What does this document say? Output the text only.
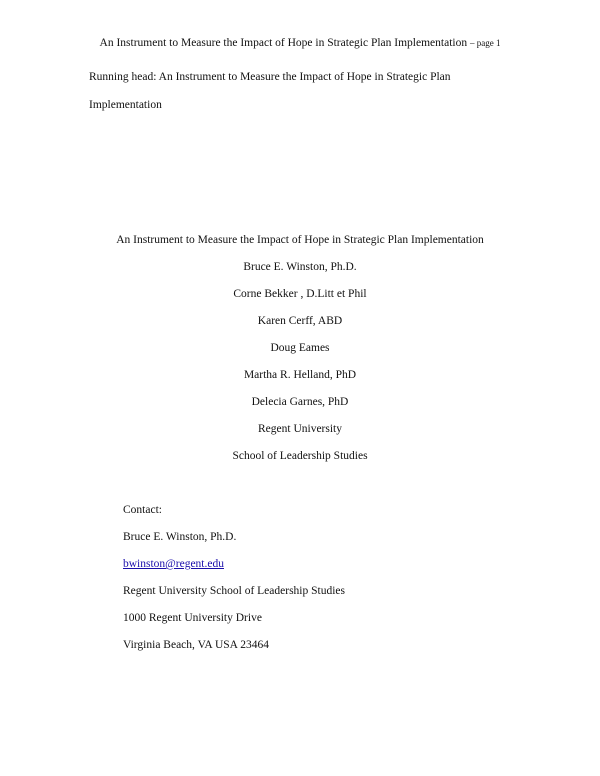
An Instrument to Measure the Impact of Hope in Strategic Plan Implementation – page 1
Running head: An Instrument to Measure the Impact of Hope in Strategic Plan
Implementation
An Instrument to Measure the Impact of Hope in Strategic Plan Implementation
Bruce E. Winston, Ph.D.
Corne Bekker , D.Litt et Phil
Karen Cerff, ABD
Doug Eames
Martha R. Helland, PhD
Delecia Garnes, PhD
Regent University
School of Leadership Studies
Contact:
Bruce E. Winston, Ph.D.
bwinston@regent.edu
Regent University School of Leadership Studies
1000 Regent University Drive
Virginia Beach, VA USA 23464
